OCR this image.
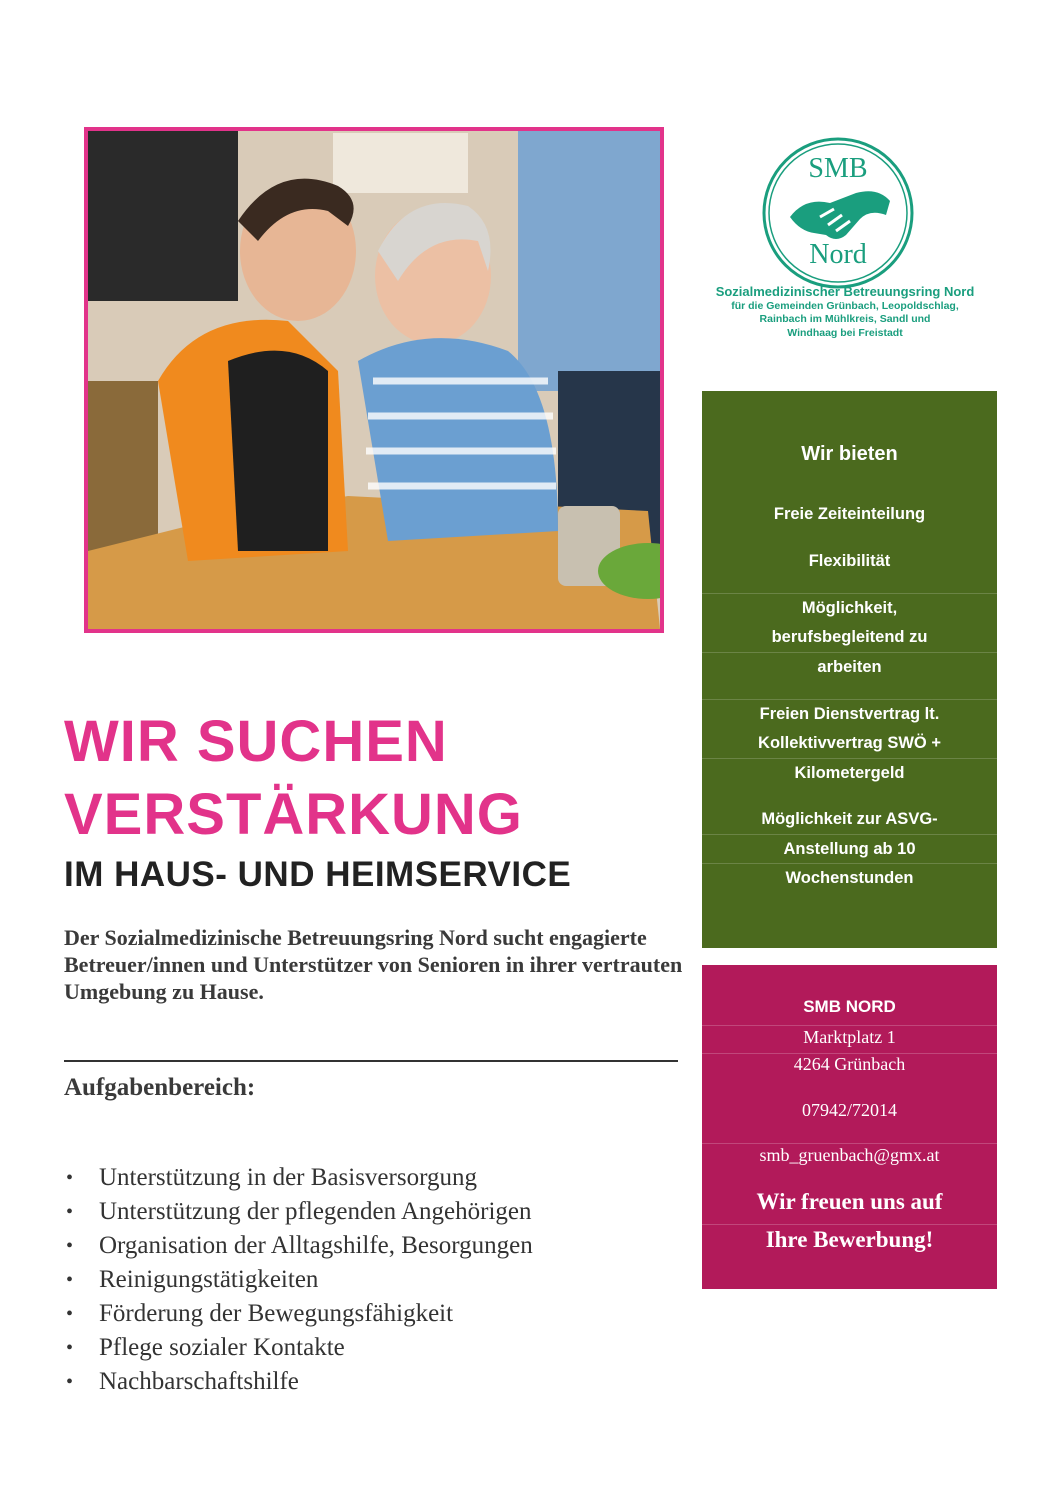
SMB
Nord
Sozialmedizinischer Betreuungsring Nord
für die Gemeinden Grünbach, Leopoldschlag,
Rainbach im Mühlkreis, Sandl und
Windhaag bei Freistadt
Wir bieten
Freie Zeiteinteilung
Flexibilität
Möglichkeit,
berufsbegleitend zu
arbeiten
Freien Dienstvertrag lt.
Kollektivvertrag SWÖ +
Kilometergeld
Möglichkeit zur ASVG-
Anstellung ab 10
Wochenstunden
SMB NORD
Marktplatz 1
4264 Grünbach
07942/72014
smb_gruenbach@gmx.at
Wir freuen uns auf
Ihre Bewerbung!
WIR SUCHEN
VERSTÄRKUNG
IM HAUS- UND HEIMSERVICE
Der Sozialmedizinische Betreuungsring Nord sucht engagierte Betreuer/innen und Unterstützer von Senioren in ihrer vertrauten Umgebung zu Hause.
Aufgabenbereich:
• Unterstützung in der Basisversorgung
• Unterstützung der pflegenden Angehörigen
• Organisation der Alltagshilfe, Besorgungen
• Reinigungstätigkeiten
• Förderung der Bewegungsfähigkeit
• Pflege sozialer Kontakte
• Nachbarschaftshilfe
